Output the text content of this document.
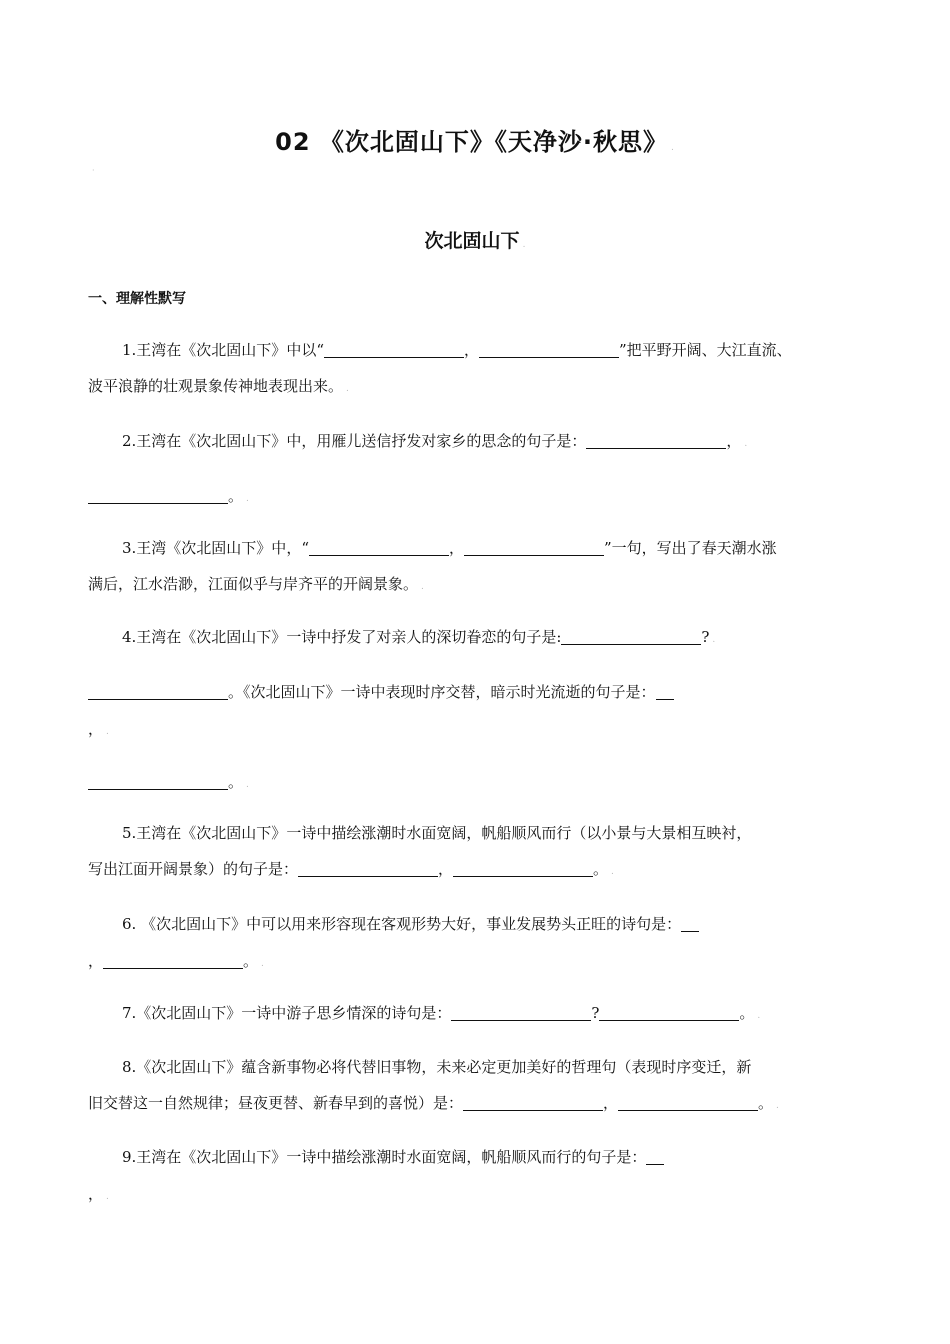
02 《次北固山下》《天净沙·秋思》 .
·
次北固山下 .
一、理解性默写
1.王湾在《次北固山下》中以“	，	”把平野开阔、大江直流、
波平浪静的壮观景象传神地表现出来。 .
2.王湾在《次北固山下》中，用雁儿送信抒发对家乡的思念的句子是：	， .
。 .
3.王湾《次北固山下》中，“	，	”一句，写出了春天潮水涨
满后，江水浩渺，江面似乎与岸齐平的开阔景象。 .
4.王湾在《次北固山下》一诗中抒发了对亲人的深切眷恋的句子是:	? .
。《次北固山下》一诗中表现时序交替，暗示时光流逝的句子是：
， .
。 .
5.王湾在《次北固山下》一诗中描绘涨潮时水面宽阔，帆船顺风而行（以小景与大景相互映衬，
写出江面开阔景象）的句子是：	，	。 .
6. 《次北固山下》中可以用来形容现在客观形势大好，事业发展势头正旺的诗句是：
，	。 .
7.《次北固山下》一诗中游子思乡情深的诗句是：	?	。 .
8.《次北固山下》蕴含新事物必将代替旧事物，未来必定更加美好的哲理句（表现时序变迁，新
旧交替这一自然规律；昼夜更替、新春早到的喜悦）是：	，	。 .
9.王湾在《次北固山下》一诗中描绘涨潮时水面宽阔，帆船顺风而行的句子是：
， .
